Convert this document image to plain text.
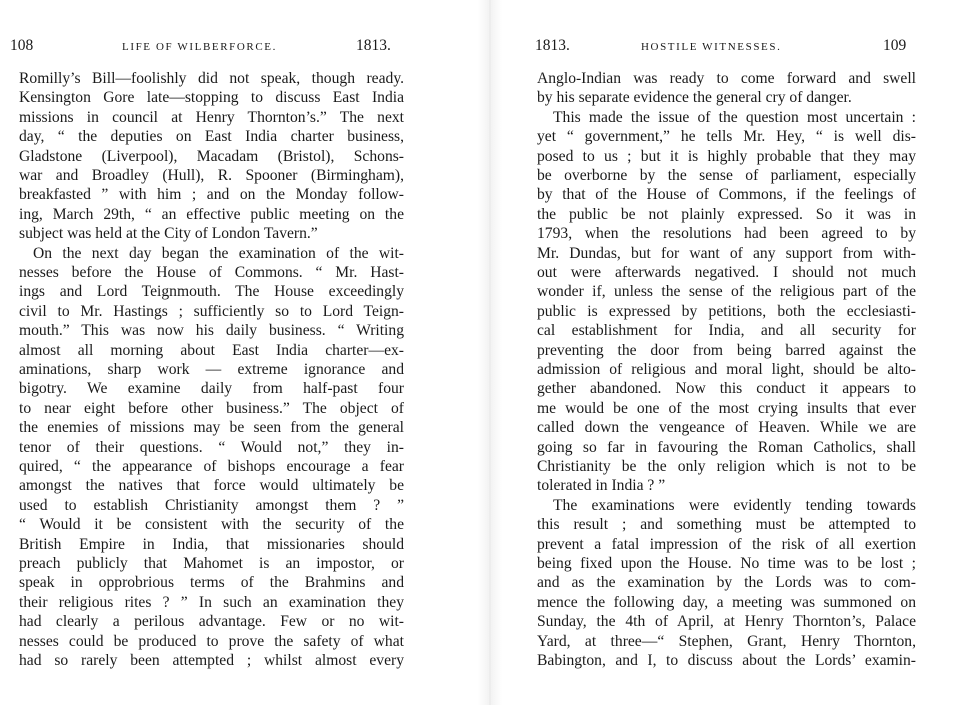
108	LIFE OF WILBERFORCE.	1813.
Romilly’s Bill—foolishly did not speak, though ready.
Kensington Gore late—stopping to discuss East India
missions in council at Henry Thornton’s.” The next
day, “ the deputies on East India charter business,
Gladstone (Liverpool), Macadam (Bristol), Schons-
war and Broadley (Hull), R. Spooner (Birmingham),
breakfasted ” with him ; and on the Monday follow-
ing, March 29th, “ an effective public meeting on the
subject was held at the City of London Tavern.”
On the next day began the examination of the wit-
nesses before the House of Commons. “ Mr. Hast-
ings and Lord Teignmouth. The House exceedingly
civil to Mr. Hastings ; sufficiently so to Lord Teign-
mouth.” This was now his daily business. “ Writing
almost all morning about East India charter—ex-
aminations, sharp work — extreme ignorance and
bigotry. We examine daily from half-past four
to near eight before other business.” The object of
the enemies of missions may be seen from the general
tenor of their questions. “ Would not,” they in-
quired, “ the appearance of bishops encourage a fear
amongst the natives that force would ultimately be
used to establish Christianity amongst them ? ”
“ Would it be consistent with the security of the
British Empire in India, that missionaries should
preach publicly that Mahomet is an impostor, or
speak in opprobrious terms of the Brahmins and
their religious rites ? ” In such an examination they
had clearly a perilous advantage. Few or no wit-
nesses could be produced to prove the safety of what
had so rarely been attempted ; whilst almost every
1813.	HOSTILE WITNESSES.	109
Anglo-Indian was ready to come forward and swell
by his separate evidence the general cry of danger.
This made the issue of the question most uncertain :
yet “ government,” he tells Mr. Hey, “ is well dis-
posed to us ; but it is highly probable that they may
be overborne by the sense of parliament, especially
by that of the House of Commons, if the feelings of
the public be not plainly expressed. So it was in
1793, when the resolutions had been agreed to by
Mr. Dundas, but for want of any support from with-
out were afterwards negatived. I should not much
wonder if, unless the sense of the religious part of the
public is expressed by petitions, both the ecclesiasti-
cal establishment for India, and all security for
preventing the door from being barred against the
admission of religious and moral light, should be alto-
gether abandoned. Now this conduct it appears to
me would be one of the most crying insults that ever
called down the vengeance of Heaven. While we are
going so far in favouring the Roman Catholics, shall
Christianity be the only religion which is not to be
tolerated in India ? ”
The examinations were evidently tending towards
this result ; and something must be attempted to
prevent a fatal impression of the risk of all exertion
being fixed upon the House. No time was to be lost ;
and as the examination by the Lords was to com-
mence the following day, a meeting was summoned on
Sunday, the 4th of April, at Henry Thornton’s, Palace
Yard, at three—“ Stephen, Grant, Henry Thornton,
Babington, and I, to discuss about the Lords’ examin-
